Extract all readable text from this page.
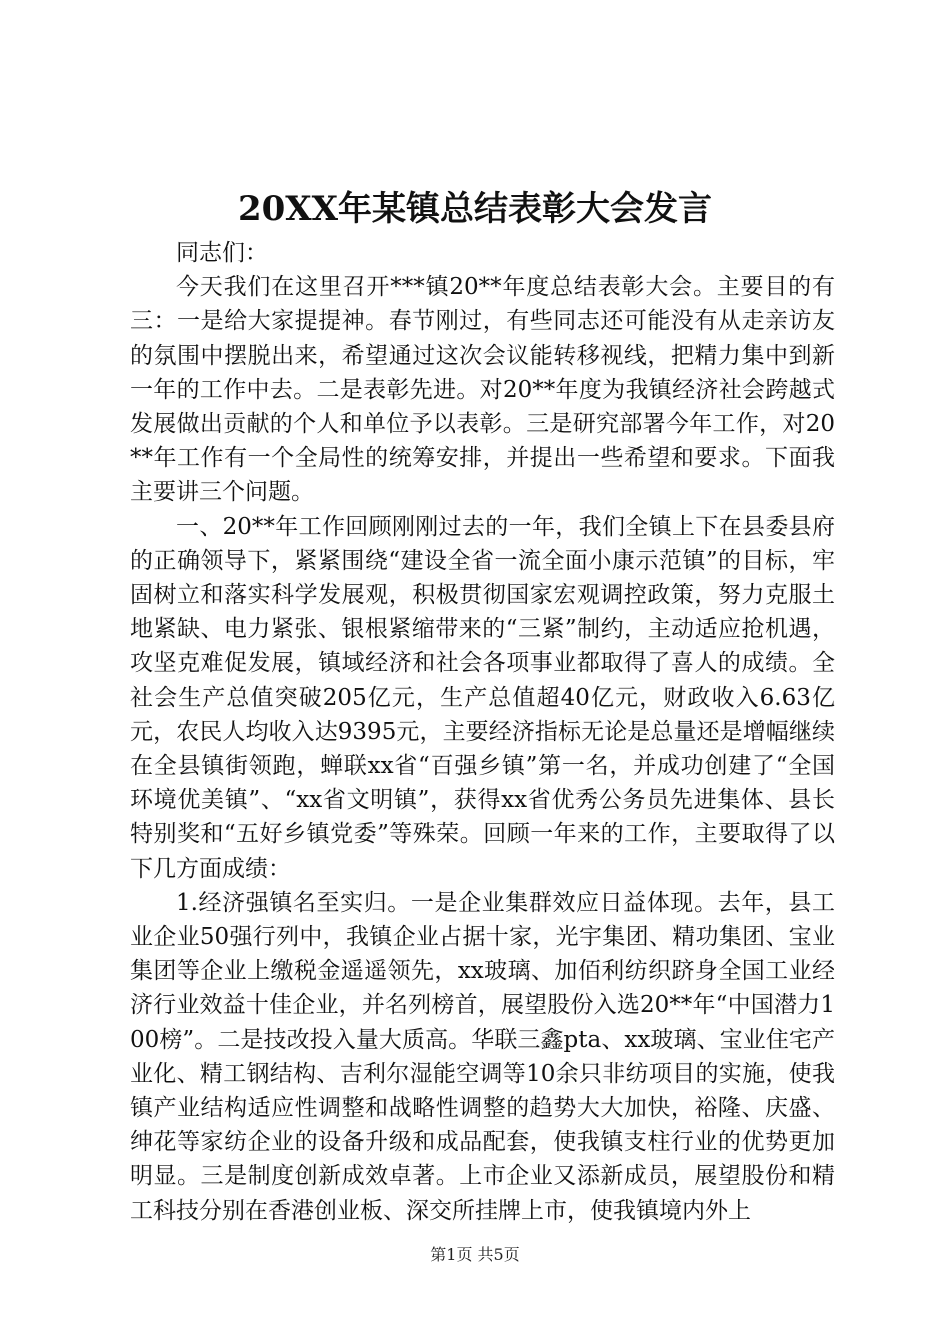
20XX年某镇总结表彰大会发言

同志们：

今天我们在这里召开***镇20**年度总结表彰大会。主要目的有三：一是给大家提提神。春节刚过，有些同志还可能没有从走亲访友的氛围中摆脱出来，希望通过这次会议能转移视线，把精力集中到新一年的工作中去。二是表彰先进。对20**年度为我镇经济社会跨越式发展做出贡献的个人和单位予以表彰。三是研究部署今年工作，对20**年工作有一个全局性的统筹安排，并提出一些希望和要求。下面我主要讲三个问题。

一、20**年工作回顾刚刚过去的一年，我们全镇上下在县委县府的正确领导下，紧紧围绕“建设全省一流全面小康示范镇”的目标，牢固树立和落实科学发展观，积极贯彻国家宏观调控政策，努力克服土地紧缺、电力紧张、银根紧缩带来的“三紧”制约，主动适应抢机遇，攻坚克难促发展，镇域经济和社会各项事业都取得了喜人的成绩。全社会生产总值突破205亿元，生产总值超40亿元，财政收入6.63亿元，农民人均收入达9395元，主要经济指标无论是总量还是增幅继续在全县镇街领跑，蝉联xx省“百强乡镇”第一名，并成功创建了“全国环境优美镇”、“xx省文明镇”，获得xx省优秀公务员先进集体、县长特别奖和“五好乡镇党委”等殊荣。回顾一年来的工作，主要取得了以下几方面成绩：

1.经济强镇名至实归。一是企业集群效应日益体现。去年，县工业企业50强行列中，我镇企业占据十家，光宇集团、精功集团、宝业集团等企业上缴税金遥遥领先，xx玻璃、加佰利纺织跻身全国工业经济行业效益十佳企业，并名列榜首，展望股份入选20**年“中国潜力100榜”。二是技改投入量大质高。华联三鑫pta、xx玻璃、宝业住宅产业化、精工钢结构、吉利尔湿能空调等10余只非纺项目的实施，使我镇产业结构适应性调整和战略性调整的趋势大大加快，裕隆、庆盛、绅花等家纺企业的设备升级和成品配套，使我镇支柱行业的优势更加明显。三是制度创新成效卓著。上市企业又添新成员，展望股份和精工科技分别在香港创业板、深交所挂牌上市，使我镇境内外上

第1页 共5页
